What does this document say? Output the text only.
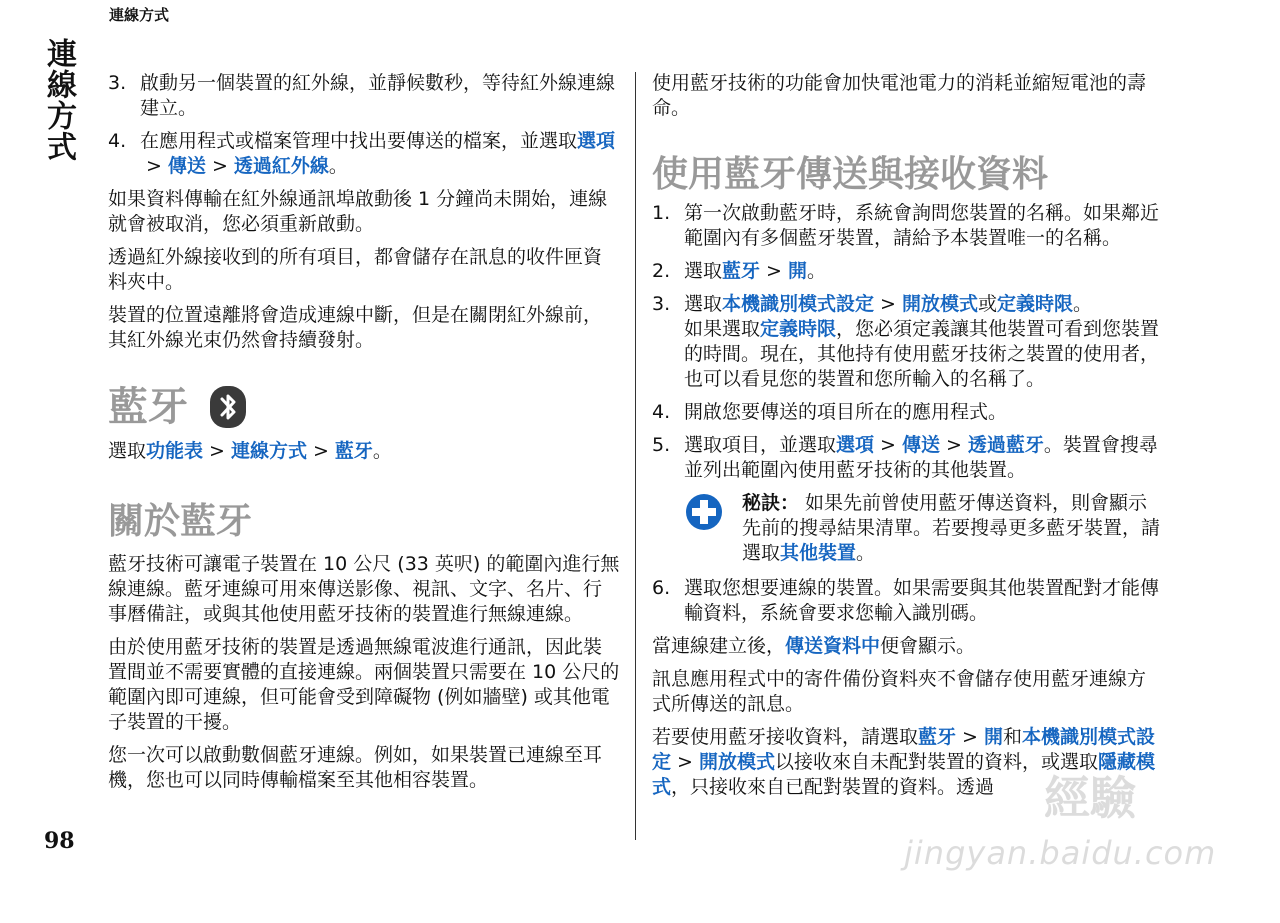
連線方式
連線方式
98
3. 啟動另一個裝置的紅外線，並靜候數秒，等待紅外線連線建立。
4. 在應用程式或檔案管理中找出要傳送的檔案，並選取選項> 傳送 > 透過紅外線。

如果資料傳輸在紅外線通訊埠啟動後 1 分鐘尚未開始，連線就會被取消，您必須重新啟動。

透過紅外線接收到的所有項目，都會儲存在訊息的收件匣資料夾中。

裝置的位置遠離將會造成連線中斷，但是在關閉紅外線前，其紅外線光束仍然會持續發射。

藍牙

選取功能表 > 連線方式 > 藍牙。

關於藍牙

藍牙技術可讓電子裝置在 10 公尺 (33 英呎) 的範圍內進行無線連線。藍牙連線可用來傳送影像、視訊、文字、名片、行事曆備註，或與其他使用藍牙技術的裝置進行無線連線。

由於使用藍牙技術的裝置是透過無線電波進行通訊，因此裝置間並不需要實體的直接連線。兩個裝置只需要在 10 公尺的範圍內即可連線，但可能會受到障礙物 (例如牆壁) 或其他電子裝置的干擾。

您一次可以啟動數個藍牙連線。例如，如果裝置已連線至耳機，您也可以同時傳輸檔案至其他相容裝置。

使用藍牙技術的功能會加快電池電力的消耗並縮短電池的壽命。

使用藍牙傳送與接收資料
1. 第一次啟動藍牙時，系統會詢問您裝置的名稱。如果鄰近範圍內有多個藍牙裝置，請給予本裝置唯一的名稱。
2. 選取藍牙 > 開。
3. 選取本機識別模式設定 > 開放模式或定義時限。
如果選取定義時限，您必須定義讓其他裝置可看到您裝置的時間。現在，其他持有使用藍牙技術之裝置的使用者，也可以看見您的裝置和您所輸入的名稱了。
4. 開啟您要傳送的項目所在的應用程式。
5. 選取項目，並選取選項 > 傳送 > 透過藍牙。裝置會搜尋並列出範圍內使用藍牙技術的其他裝置。
秘訣： 如果先前曾使用藍牙傳送資料，則會顯示先前的搜尋結果清單。若要搜尋更多藍牙裝置，請選取其他裝置。
6. 選取您想要連線的裝置。如果需要與其他裝置配對才能傳輸資料，系統會要求您輸入識別碼。

當連線建立後，傳送資料中便會顯示。

訊息應用程式中的寄件備份資料夾不會儲存使用藍牙連線方式所傳送的訊息。

若要使用藍牙接收資料，請選取藍牙 > 開和本機識別模式設定 > 開放模式以接收來自未配對裝置的資料，或選取隱藏模式，只接收來自已配對裝置的資料。透過	經驗
jingyan.baidu.com
